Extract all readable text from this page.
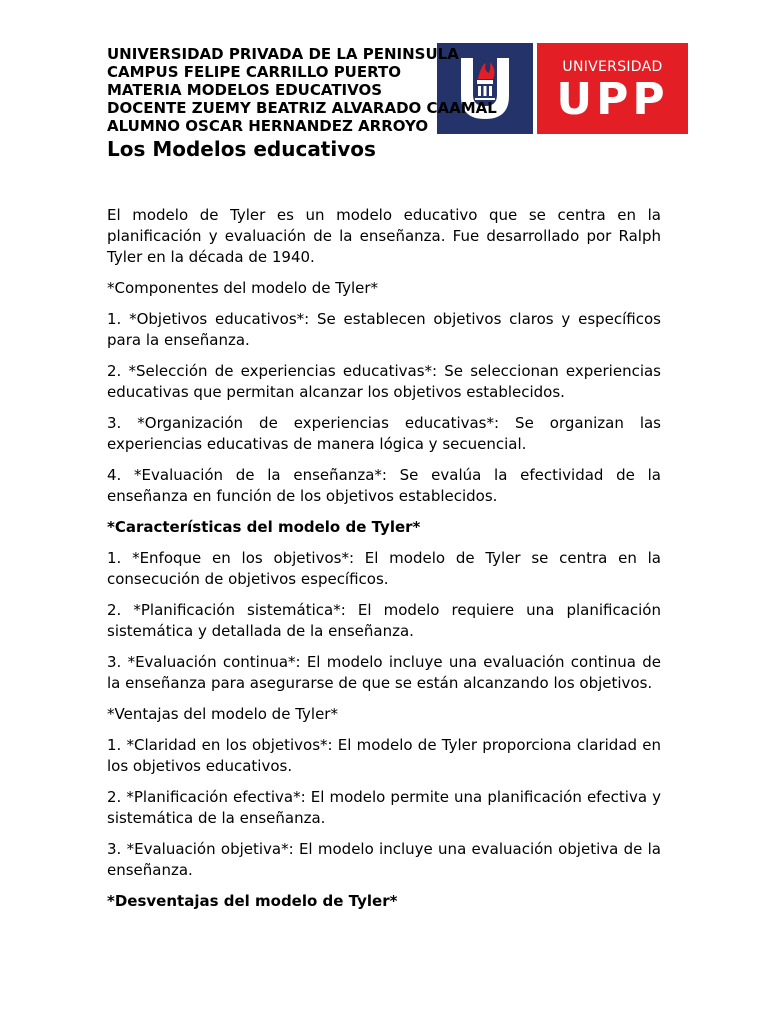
UNIVERSIDAD
UPP
UNIVERSIDAD PRIVADA DE LA PENINSULA
CAMPUS FELIPE CARRILLO PUERTO
MATERIA MODELOS EDUCATIVOS
DOCENTE ZUEMY BEATRIZ ALVARADO CAAMAL
ALUMNO OSCAR HERNANDEZ ARROYO
Los Modelos educativos

El modelo de Tyler es un modelo educativo que se centra en la planificación y evaluación de la enseñanza. Fue desarrollado por Ralph Tyler en la década de 1940.

*Componentes del modelo de Tyler*

1. *Objetivos educativos*: Se establecen objetivos claros y específicos para la enseñanza.

2. *Selección de experiencias educativas*: Se seleccionan experiencias educativas que permitan alcanzar los objetivos establecidos.

3. *Organización de experiencias educativas*: Se organizan las experiencias educativas de manera lógica y secuencial.

4. *Evaluación de la enseñanza*: Se evalúa la efectividad de la enseñanza en función de los objetivos establecidos.

*Características del modelo de Tyler*

1. *Enfoque en los objetivos*: El modelo de Tyler se centra en la consecución de objetivos específicos.

2. *Planificación sistemática*: El modelo requiere una planificación sistemática y detallada de la enseñanza.

3. *Evaluación continua*: El modelo incluye una evaluación continua de la enseñanza para asegurarse de que se están alcanzando los objetivos.

*Ventajas del modelo de Tyler*

1. *Claridad en los objetivos*: El modelo de Tyler proporciona claridad en los objetivos educativos.

2. *Planificación efectiva*: El modelo permite una planificación efectiva y sistemática de la enseñanza.

3. *Evaluación objetiva*: El modelo incluye una evaluación objetiva de la enseñanza.

*Desventajas del modelo de Tyler*
